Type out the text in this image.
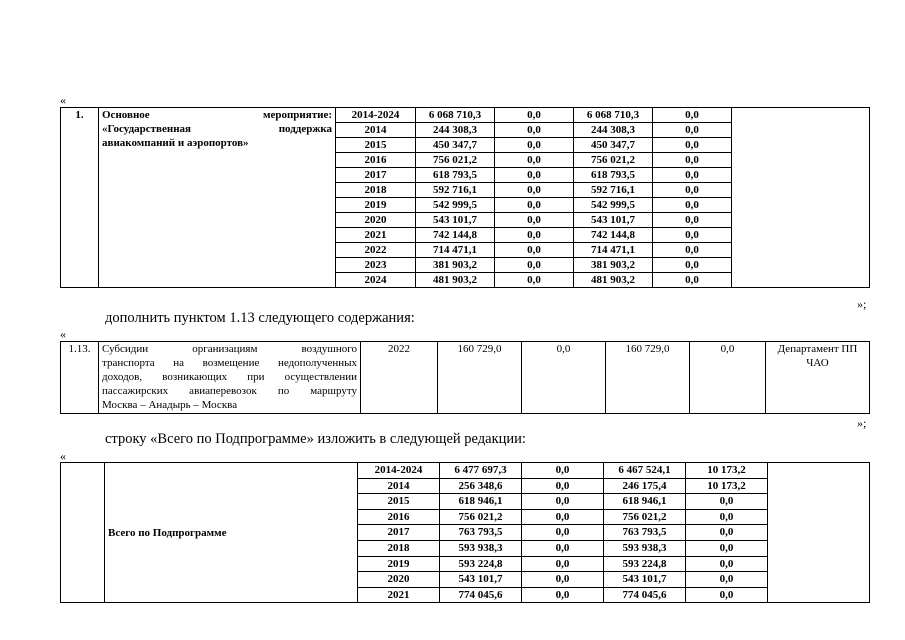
«
1.	Основное мероприятие:
«Государственная поддержка
авиакомпаний и аэропортов»	2014-2024	6 068 710,3	0,0	6 068 710,3	0,0	
		2014	244 308,3	0,0	244 308,3	0,0	
		2015	450 347,7	0,0	450 347,7	0,0	
		2016	756 021,2	0,0	756 021,2	0,0	
		2017	618 793,5	0,0	618 793,5	0,0	
		2018	592 716,1	0,0	592 716,1	0,0	
		2019	542 999,5	0,0	542 999,5	0,0	
		2020	543 101,7	0,0	543 101,7	0,0	
		2021	742 144,8	0,0	742 144,8	0,0	
		2022	714 471,1	0,0	714 471,1	0,0	
		2023	381 903,2	0,0	381 903,2	0,0	
		2024	481 903,2	0,0	481 903,2	0,0	
»;
дополнить пунктом 1.13 следующего содержания:
«
1.13.	Субсидии организациям воздушного
транспорта на возмещение недополученных
доходов, возникающих при осуществлении
пассажирских авиаперевозок по маршруту
Москва – Анадырь – Москва
	2022	160 729,0	0,0	160 729,0	0,0	Департамент ПП ЧАО
»;
строку «Всего по Подпрограмме» изложить в следующей редакции:
«
	Всего по Подпрограмме	2014-2024	6 477 697,3	0,0	6 467 524,1	10 173,2	
		2014	256 348,6	0,0	246 175,4	10 173,2	
		2015	618 946,1	0,0	618 946,1	0,0	
		2016	756 021,2	0,0	756 021,2	0,0	
		2017	763 793,5	0,0	763 793,5	0,0	
		2018	593 938,3	0,0	593 938,3	0,0	
		2019	593 224,8	0,0	593 224,8	0,0	
		2020	543 101,7	0,0	543 101,7	0,0	
		2021	774 045,6	0,0	774 045,6	0,0	
